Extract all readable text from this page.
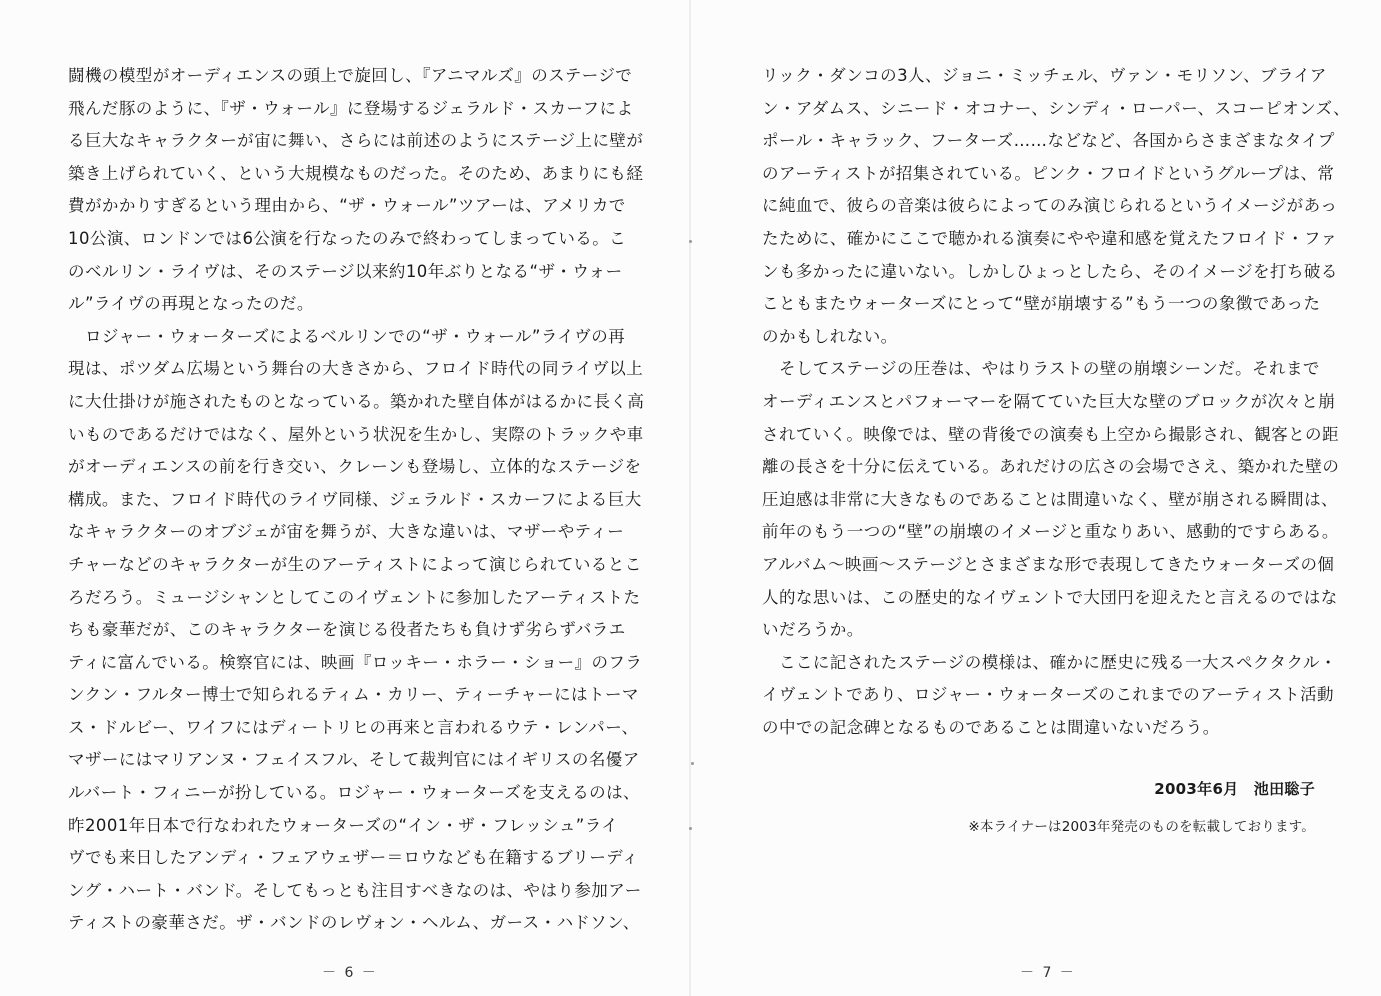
闘機の模型がオーディエンスの頭上で旋回し、『アニマルズ』のステージで
飛んだ豚のように、『ザ・ウォール』に登場するジェラルド・スカーフによ
る巨大なキャラクターが宙に舞い、さらには前述のようにステージ上に壁が
築き上げられていく、という大規模なものだった。そのため、あまりにも経
費がかかりすぎるという理由から、“ザ・ウォール”ツアーは、アメリカで
10公演、ロンドンでは6公演を行なったのみで終わってしまっている。こ
のベルリン・ライヴは、そのステージ以来約10年ぶりとなる“ザ・ウォー
ル”ライヴの再現となったのだ。
　ロジャー・ウォーターズによるベルリンでの“ザ・ウォール”ライヴの再
現は、ポツダム広場という舞台の大きさから、フロイド時代の同ライヴ以上
に大仕掛けが施されたものとなっている。築かれた壁自体がはるかに長く高
いものであるだけではなく、屋外という状況を生かし、実際のトラックや車
がオーディエンスの前を行き交い、クレーンも登場し、立体的なステージを
構成。また、フロイド時代のライヴ同様、ジェラルド・スカーフによる巨大
なキャラクターのオブジェが宙を舞うが、大きな違いは、マザーやティー
チャーなどのキャラクターが生のアーティストによって演じられているとこ
ろだろう。ミュージシャンとしてこのイヴェントに参加したアーティストた
ちも豪華だが、このキャラクターを演じる役者たちも負けず劣らずバラエ
ティに富んでいる。検察官には、映画『ロッキー・ホラー・ショー』のフラ
ンクン・フルター博士で知られるティム・カリー、ティーチャーにはトーマ
ス・ドルビー、ワイフにはディートリヒの再来と言われるウテ・レンパー、
マザーにはマリアンヌ・フェイスフル、そして裁判官にはイギリスの名優ア
ルバート・フィニーが扮している。ロジャー・ウォーターズを支えるのは、
昨2001年日本で行なわれたウォーターズの“イン・ザ・フレッシュ”ライ
ヴでも来日したアンディ・フェアウェザー＝ロウなども在籍するブリーディ
ング・ハート・バンド。そしてもっとも注目すべきなのは、やはり参加アー
ティストの豪華さだ。ザ・バンドのレヴォン・ヘルム、ガース・ハドソン、
リック・ダンコの3人、ジョニ・ミッチェル、ヴァン・モリソン、ブライア
ン・アダムス、シニード・オコナー、シンディ・ローパー、スコーピオンズ、
ポール・キャラック、フーターズ……などなど、各国からさまざまなタイプ
のアーティストが招集されている。ピンク・フロイドというグループは、常
に純血で、彼らの音楽は彼らによってのみ演じられるというイメージがあっ
たために、確かにここで聴かれる演奏にやや違和感を覚えたフロイド・ファ
ンも多かったに違いない。しかしひょっとしたら、そのイメージを打ち破る
こともまたウォーターズにとって“壁が崩壊する”もう一つの象徴であった
のかもしれない。
　そしてステージの圧巻は、やはりラストの壁の崩壊シーンだ。それまで
オーディエンスとパフォーマーを隔てていた巨大な壁のブロックが次々と崩
されていく。映像では、壁の背後での演奏も上空から撮影され、観客との距
離の長さを十分に伝えている。あれだけの広さの会場でさえ、築かれた壁の
圧迫感は非常に大きなものであることは間違いなく、壁が崩される瞬間は、
前年のもう一つの“壁”の崩壊のイメージと重なりあい、感動的ですらある。
アルバム～映画～ステージとさまざまな形で表現してきたウォーターズの個
人的な思いは、この歴史的なイヴェントで大団円を迎えたと言えるのではな
いだろうか。
　ここに記されたステージの模様は、確かに歴史に残る一大スペクタクル・
イヴェントであり、ロジャー・ウォーターズのこれまでのアーティスト活動
の中での記念碑となるものであることは間違いないだろう。
2003年6月　池田聡子
※本ライナーは2003年発売のものを転載しております。
－ 6 －	－ 7 －
